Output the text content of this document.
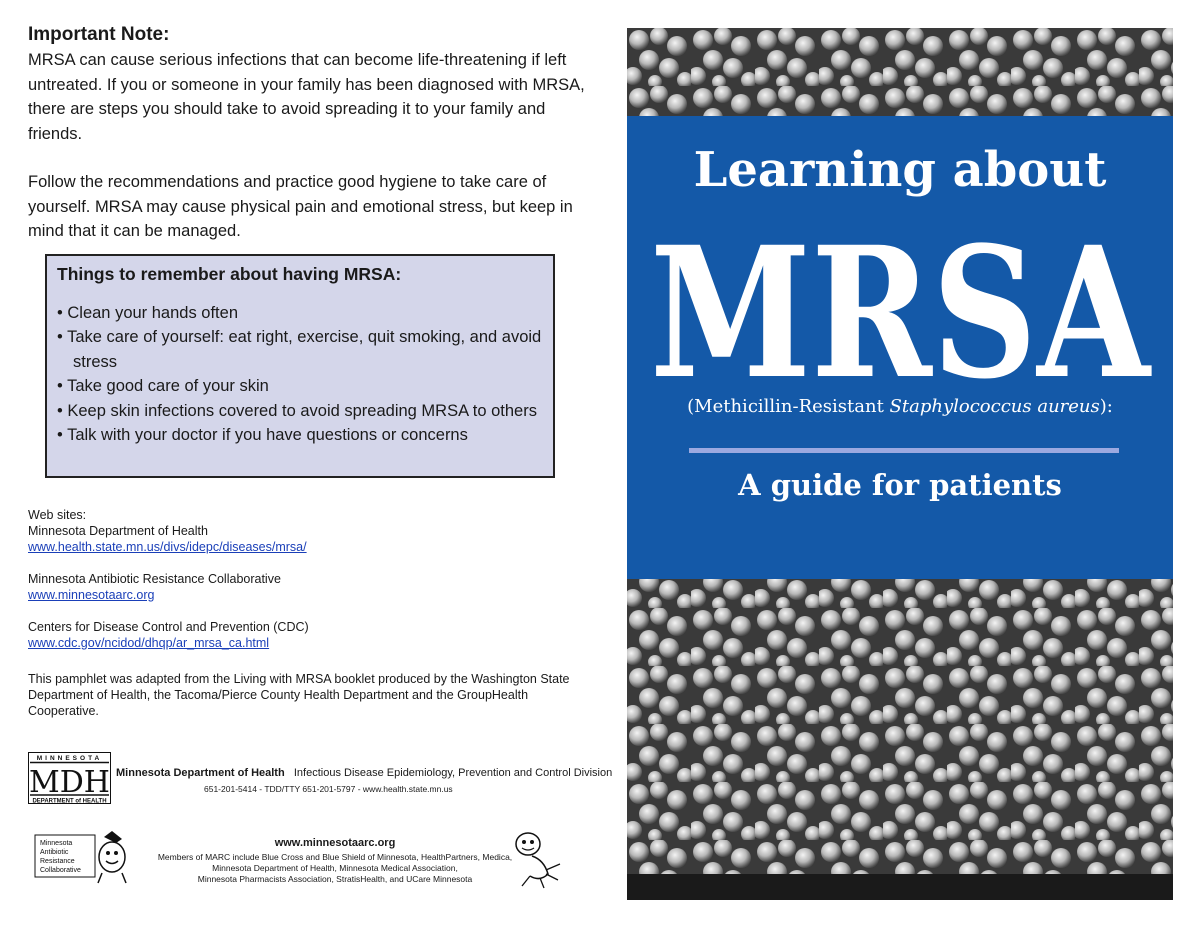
Important Note:

MRSA can cause serious infections that can become life-threatening if left untreated. If you or someone in your family has been diagnosed with MRSA, there are steps you should take to avoid spreading it to your family and friends.

Follow the recommendations and practice good hygiene to take care of yourself. MRSA may cause physical pain and emotional stress, but keep in mind that it can be managed.

Things to remember about having MRSA:

• Clean your hands often
• Take care of yourself: eat right, exercise, quit smoking, and avoid stress
• Take good care of your skin
• Keep skin infections covered to avoid spreading MRSA to others
• Talk with your doctor if you have questions or concerns
Web sites:
Minnesota Department of Health
www.health.state.mn.us/divs/idepc/diseases/mrsa/
Minnesota Antibiotic Resistance Collaborative
www.minnesotaarc.org
Centers for Disease Control and Prevention (CDC)
www.cdc.gov/ncidod/dhqp/ar_mrsa_ca.html
This pamphlet was adapted from the Living with MRSA booklet produced by the Washington State Department of Health, the Tacoma/Pierce County Health Department and the GroupHealth Cooperative.
MINNESOTA
MDH
DEPARTMENT of HEALTH
Minnesota Department of Health Infectious Disease Epidemiology, Prevention and Control Division
651-201-5414 - TDD/TTY 651-201-5797 - www.health.state.mn.us
Minnesota
Antibiotic
Resistance
Collaborative
www.minnesotaarc.org
Members of MARC include Blue Cross and Blue Shield of Minnesota, HealthPartners, Medica,
Minnesota Department of Health, Minnesota Medical Association,
Minnesota Pharmacists Association, StratisHealth, and UCare Minnesota
Learning about
MRSA
(Methicillin-Resistant Staphylococcus aureus):
A guide for patients
